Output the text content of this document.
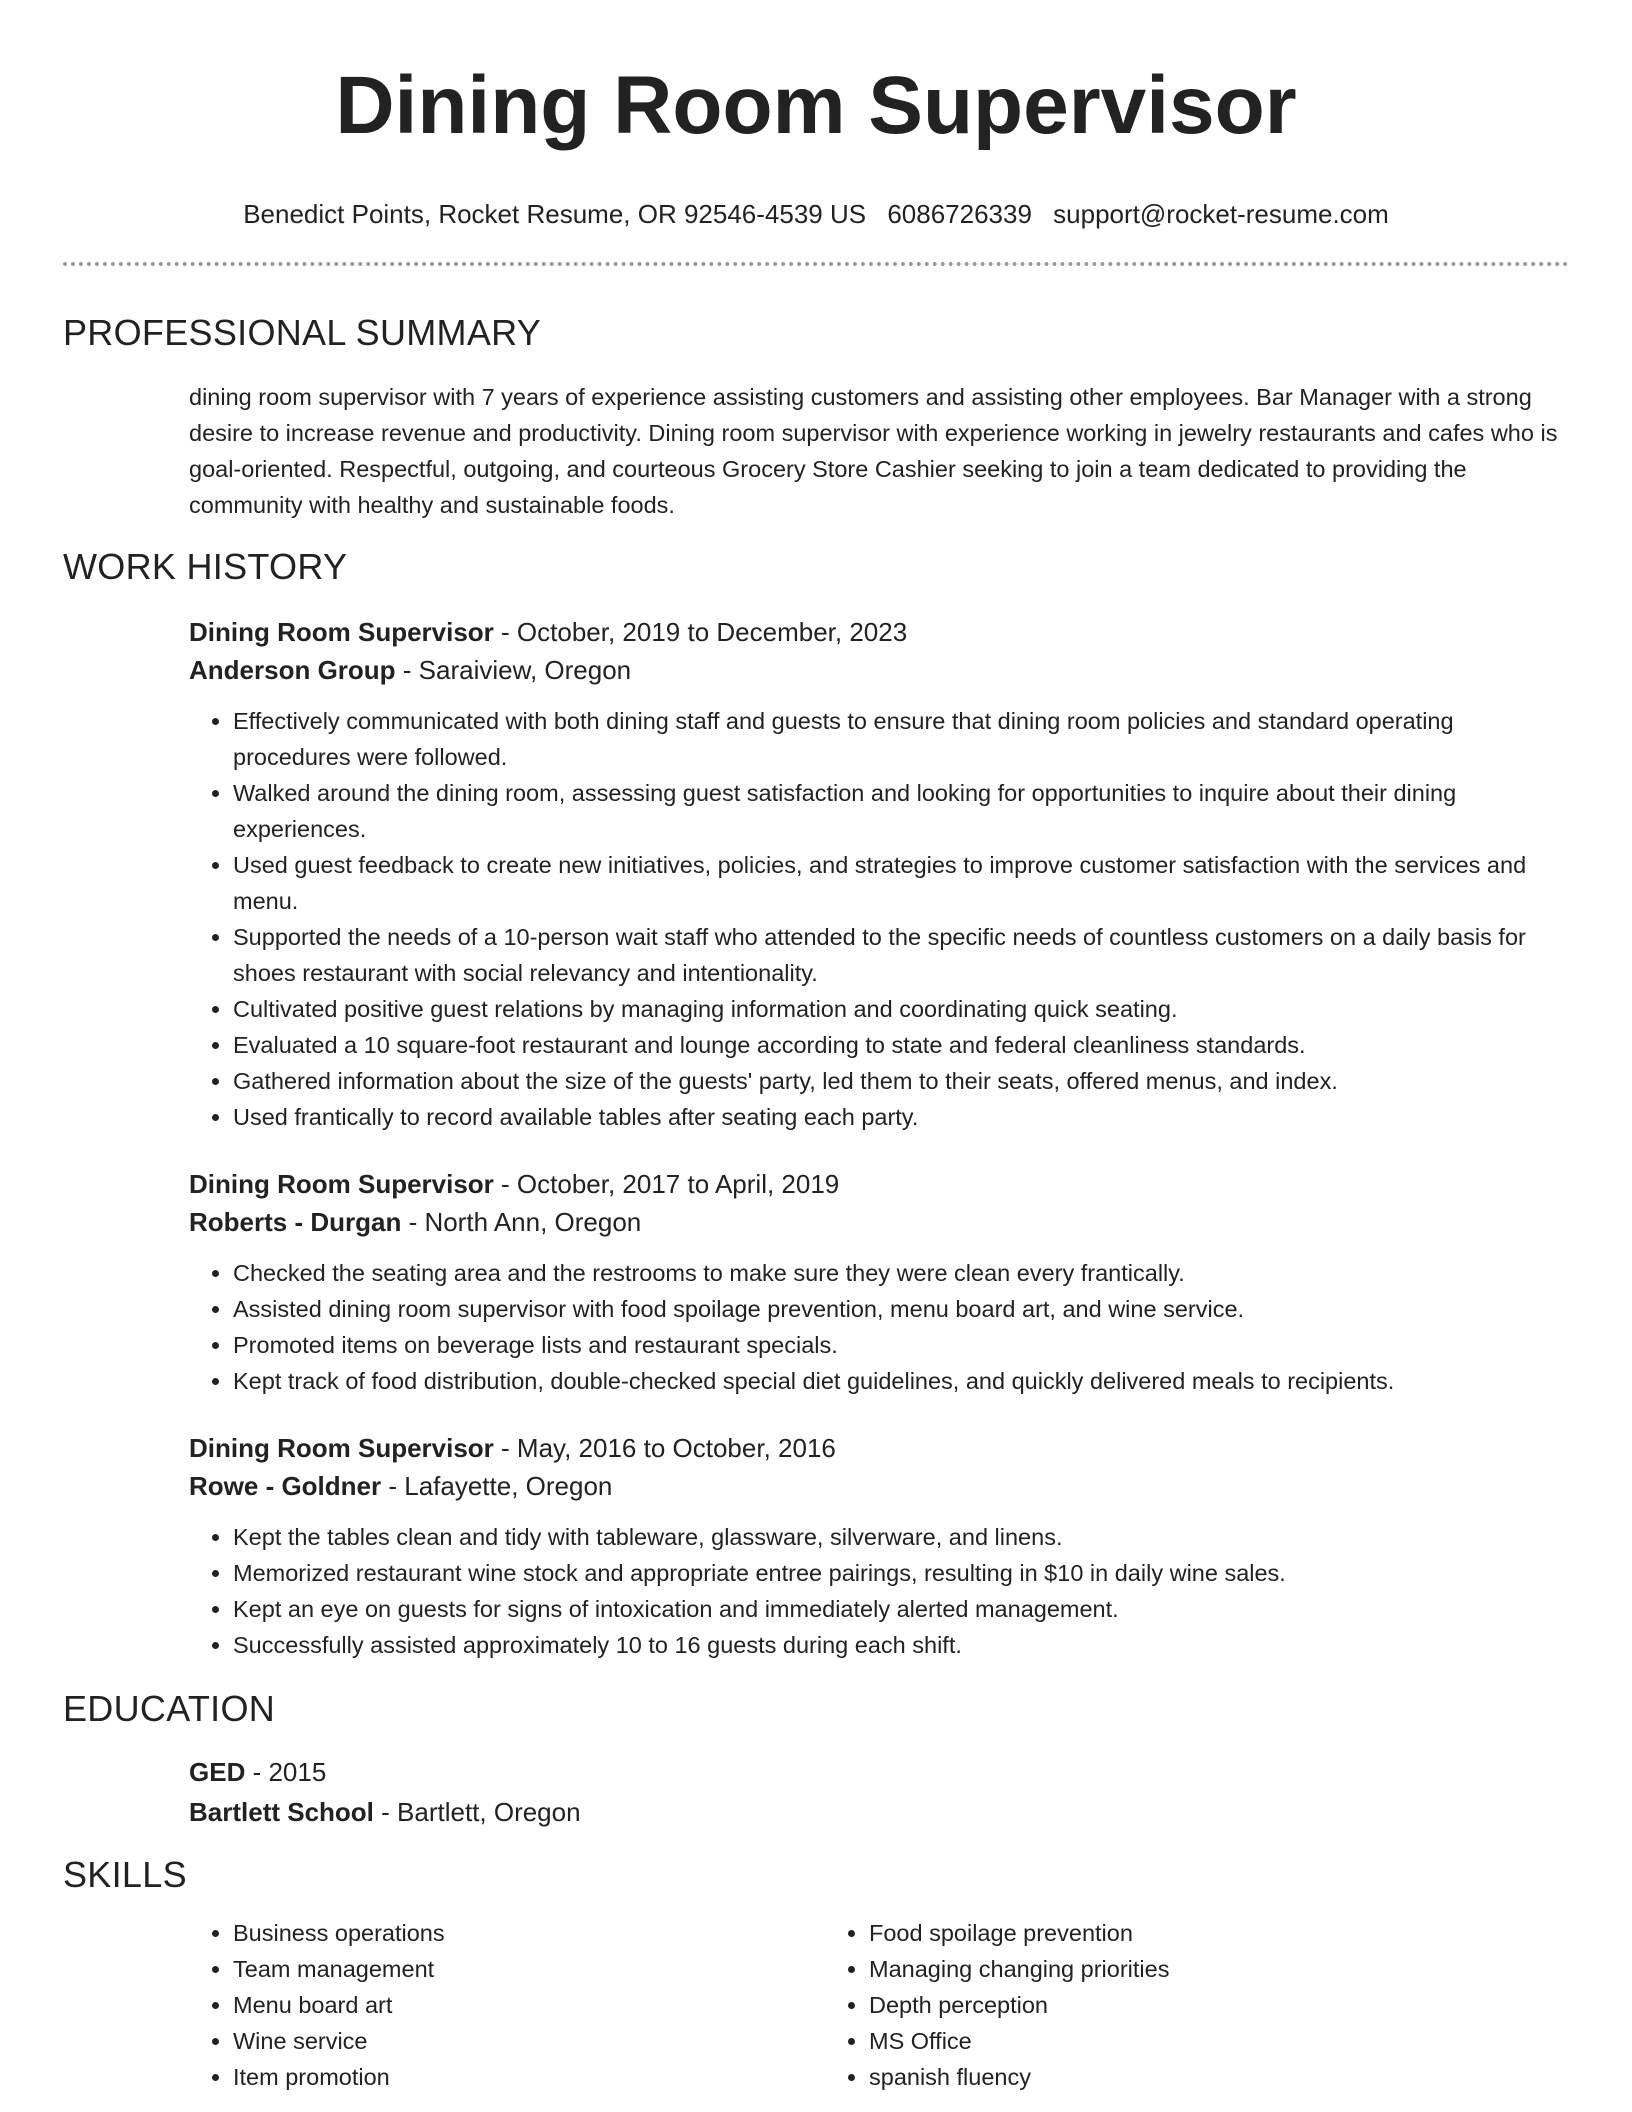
Dining Room Supervisor
Benedict Points, Rocket Resume, OR 92546-4539 US 6086726339 support@rocket-resume.com
PROFESSIONAL SUMMARY

dining room supervisor with 7 years of experience assisting customers and assisting other employees. Bar Manager with a strong desire to increase revenue and productivity. Dining room supervisor with experience working in jewelry restaurants and cafes who is goal-oriented. Respectful, outgoing, and courteous Grocery Store Cashier seeking to join a team dedicated to providing the community with healthy and sustainable foods.

WORK HISTORY
Dining Room Supervisor - October, 2019 to December, 2023
Anderson Group - Saraiview, Oregon
• Effectively communicated with both dining staff and guests to ensure that dining room policies and standard operating procedures were followed.
• Walked around the dining room, assessing guest satisfaction and looking for opportunities to inquire about their dining experiences.
• Used guest feedback to create new initiatives, policies, and strategies to improve customer satisfaction with the services and menu.
• Supported the needs of a 10-person wait staff who attended to the specific needs of countless customers on a daily basis for shoes restaurant with social relevancy and intentionality.
• Cultivated positive guest relations by managing information and coordinating quick seating.
• Evaluated a 10 square-foot restaurant and lounge according to state and federal cleanliness standards.
• Gathered information about the size of the guests' party, led them to their seats, offered menus, and index.
• Used frantically to record available tables after seating each party.
Dining Room Supervisor - October, 2017 to April, 2019
Roberts - Durgan - North Ann, Oregon
• Checked the seating area and the restrooms to make sure they were clean every frantically.
• Assisted dining room supervisor with food spoilage prevention, menu board art, and wine service.
• Promoted items on beverage lists and restaurant specials.
• Kept track of food distribution, double-checked special diet guidelines, and quickly delivered meals to recipients.
Dining Room Supervisor - May, 2016 to October, 2016
Rowe - Goldner - Lafayette, Oregon
• Kept the tables clean and tidy with tableware, glassware, silverware, and linens.
• Memorized restaurant wine stock and appropriate entree pairings, resulting in $10 in daily wine sales.
• Kept an eye on guests for signs of intoxication and immediately alerted management.
• Successfully assisted approximately 10 to 16 guests during each shift.
EDUCATION
GED - 2015
Bartlett School - Bartlett, Oregon
SKILLS
• Business operations
• Team management
• Menu board art
• Wine service
• Item promotion
• Food spoilage prevention
• Managing changing priorities
• Depth perception
• MS Office
• spanish fluency
